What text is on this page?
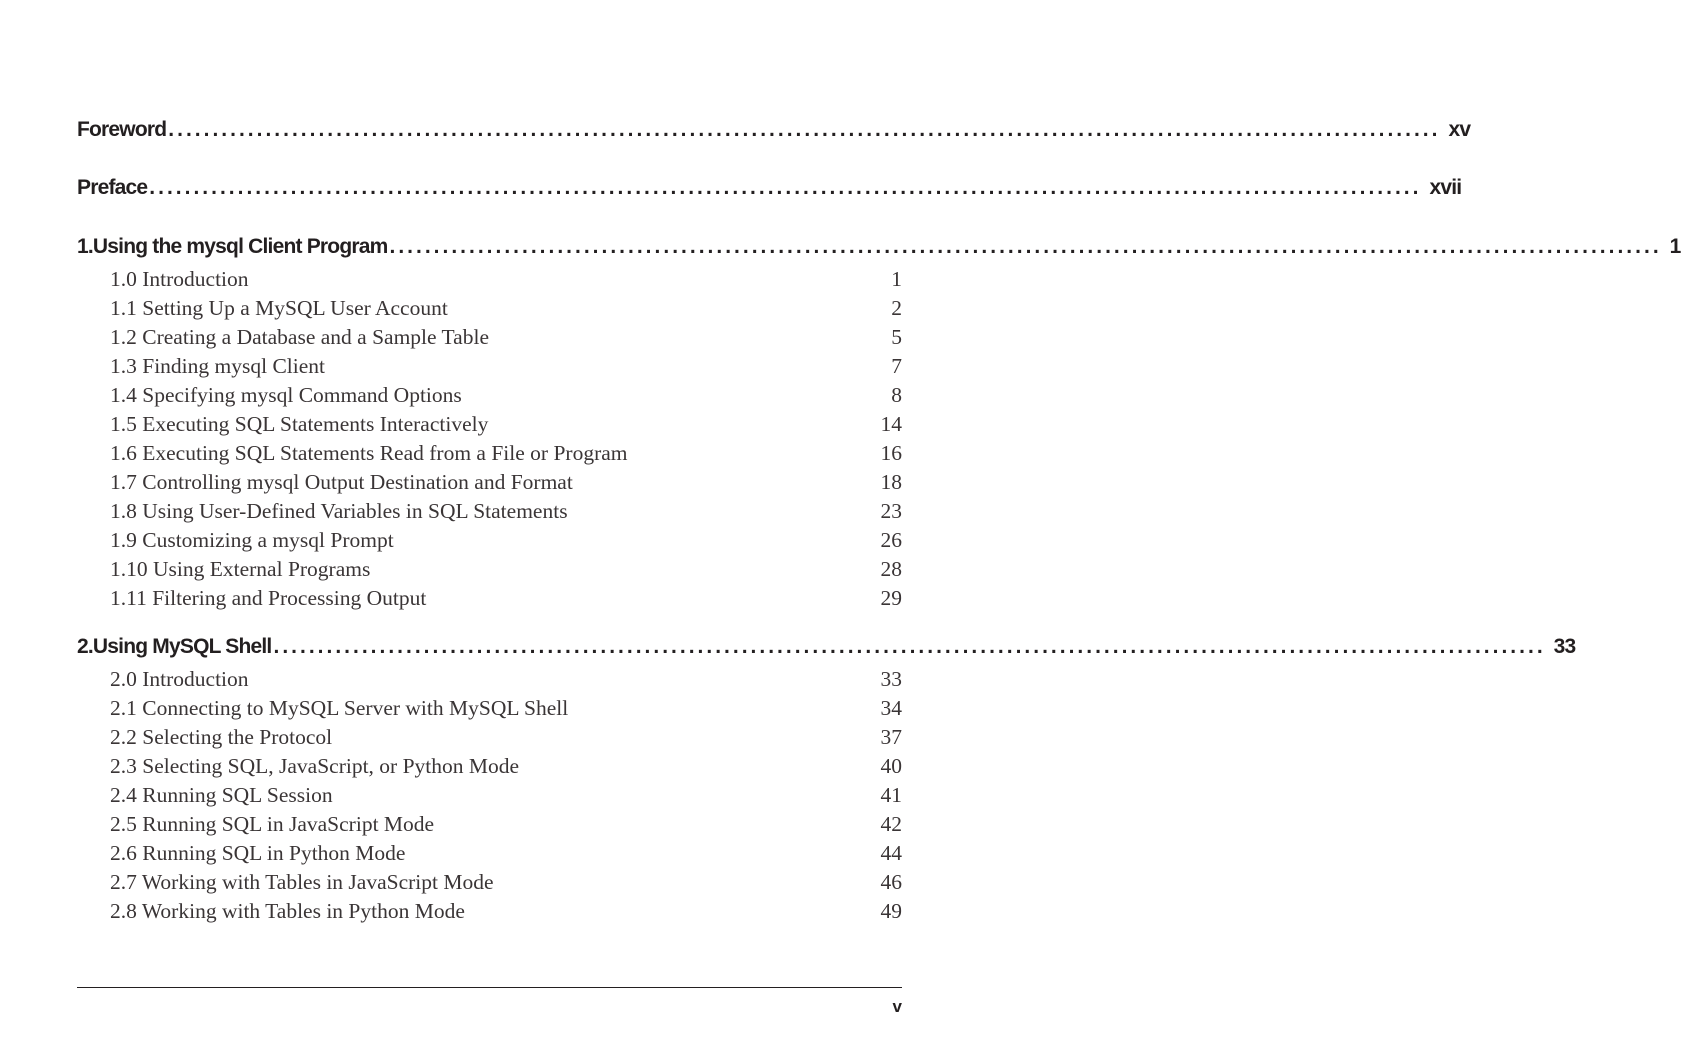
Foreword ................................................................................................................................................ xv
Preface ................................................................................................................................................ xvii
1. Using the mysql Client Program ................................................................................................................................................ 1
1.0 Introduction	1
1.1 Setting Up a MySQL User Account	2
1.2 Creating a Database and a Sample Table	5
1.3 Finding mysql Client	7
1.4 Specifying mysql Command Options	8
1.5 Executing SQL Statements Interactively	14
1.6 Executing SQL Statements Read from a File or Program	16
1.7 Controlling mysql Output Destination and Format	18
1.8 Using User-Defined Variables in SQL Statements	23
1.9 Customizing a mysql Prompt	26
1.10 Using External Programs	28
1.11 Filtering and Processing Output	29
2. Using MySQL Shell ................................................................................................................................................ 33
2.0 Introduction	33
2.1 Connecting to MySQL Server with MySQL Shell	34
2.2 Selecting the Protocol	37
2.3 Selecting SQL, JavaScript, or Python Mode	40
2.4 Running SQL Session	41
2.5 Running SQL in JavaScript Mode	42
2.6 Running SQL in Python Mode	44
2.7 Working with Tables in JavaScript Mode	46
2.8 Working with Tables in Python Mode	49
v
